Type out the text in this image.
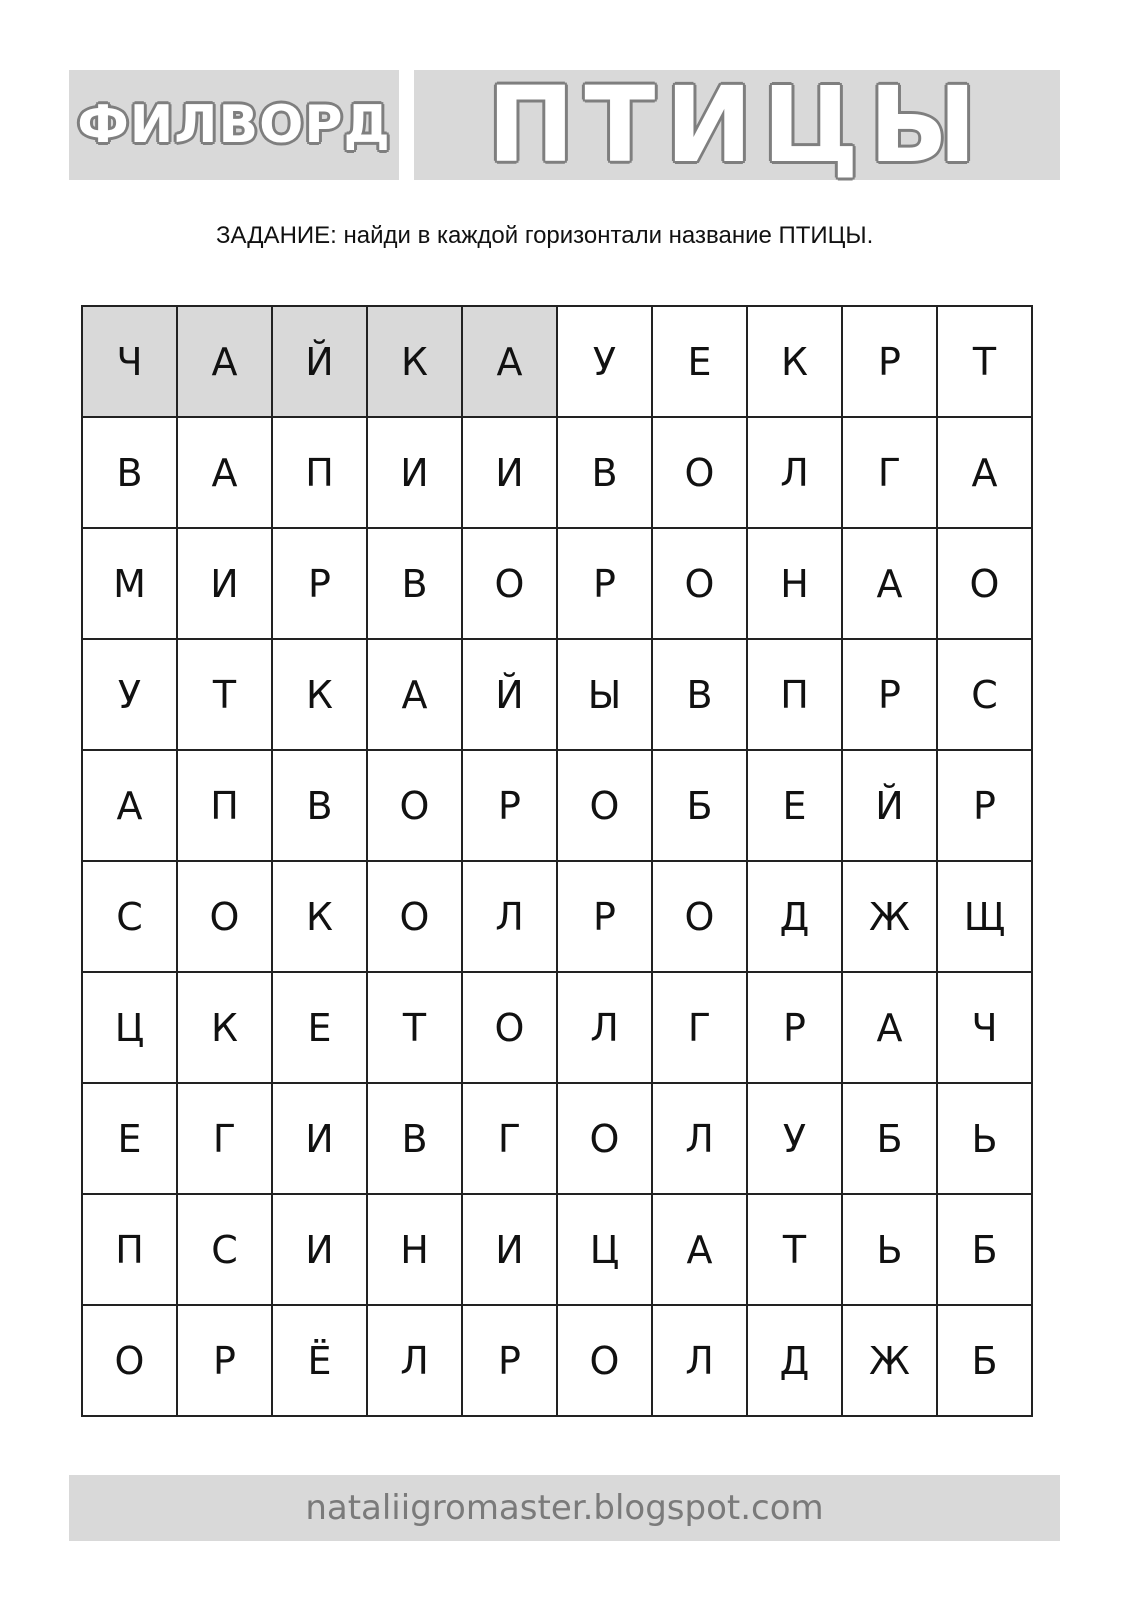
ФИЛВОРД ПТИЦЫ
ЗАДАНИЕ: найди в каждой горизонтали название ПТИЦЫ.
Ч	А	Й	К	А	У	Е	К	Р	Т
В	А	П	И	И	В	О	Л	Г	А
М	И	Р	В	О	Р	О	Н	А	О
У	Т	К	А	Й	Ы	В	П	Р	С
А	П	В	О	Р	О	Б	Е	Й	Р
С	О	К	О	Л	Р	О	Д	Ж	Щ
Ц	К	Е	Т	О	Л	Г	Р	А	Ч
Е	Г	И	В	Г	О	Л	У	Б	Ь
П	С	И	Н	И	Ц	А	Т	Ь	Б
О	Р	Ё	Л	Р	О	Л	Д	Ж	Б
nataliigromaster.blogspot.com
